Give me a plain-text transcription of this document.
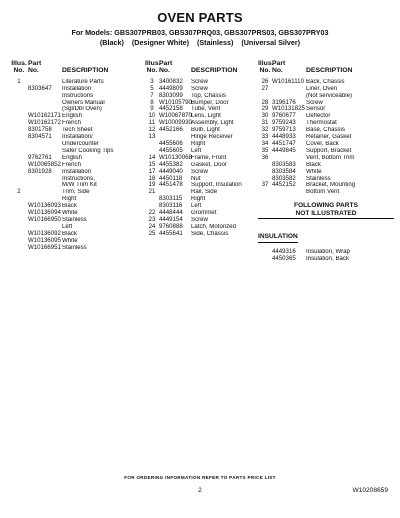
OVEN PARTS
For Models: GBS307PRB03, GBS307PRQ03, GBS307PRS03, GBS307PRY03
(Black) (Designer White) (Stainless) (Universal Silver)
Illus.
No.
Part
No.	DESCRIPTION
1	Literature Parts
8303647	Installation
Instructions
Owners Manual
(Sgl/Dbl Oven)
W10162171 English
W10162172 French
8301758	Tech Sheet
8304571	Installation/
Undercounter
Safer Cooking Tips
9762761	English
W10065852 French
8301928	Installation
Instructions,
M/W Trim Kit
2	Trim, Side
Right
W10136093 Black
W10136094 White
W10166950 Stainless
Left
W10136092 Black
W10136095 White
W10166951 Stainless
Illus.
No.
Part
No.	DESCRIPTION
3 3400832	Screw
5 4449809	Screw
7 8303099	Top, Chassis
8 W10105790 Bumper, Door
9 4452158	Tube, Vent
10 W10067870 Lens, Light
11 W10009930 Assembly, Light
12 4452166	Bulb, Light
13	Hinge Receiver
4455606	Right
4455605	Left
14 W10130068 Frame, Front
15 4455382	Gasket, Door
17 4449040	Screw
18 4450118	Nut
19 4451478	Support, Insulation
21	Rail, Side
8303115	Right
8303116	Left
22 4448444	Grommet
23 4449154	Screw
24 9760888	Latch, Motorized
25 4455641	Side, Chassis
Illus.
No.
Part
No.	DESCRIPTION
26 W10161110 Back, Chassis
27	Liner, Oven
(Not serviceable)
28 3196176	Screw
29 W10131825 Sensor
30 9760677	Deflector
31 9759243	Thermostat
32 9759713	Base, Chassis
33 4448933	Retainer, Gasket
34 4451747	Cover, Back
35 4449845	Support, Bracket
36	Vent, Bottom Trim
8303583	Black
8303584	White
8303582	Stainless
37 4452152	Bracket, Mounting
Bottom Vent
FOLLOWING PARTS
NOT ILLUSTRATED
INSULATION
4449316	Insulation, Wrap
4450365	Insulation, Back
FOR ORDERING INFORMATION REFER TO PARTS PRICE LIST
2	W10208659
